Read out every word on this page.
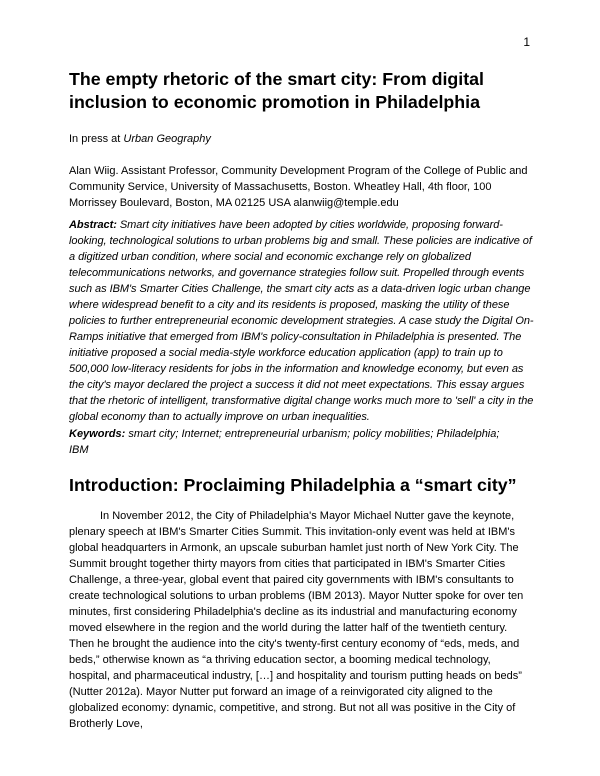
1
The empty rhetoric of the smart city: From digital inclusion to economic promotion in Philadelphia
In press at Urban Geography
Alan Wiig. Assistant Professor, Community Development Program of the College of Public and Community Service, University of Massachusetts, Boston. Wheatley Hall, 4th floor, 100 Morrissey Boulevard, Boston, MA 02125 USA alanwiig@temple.edu
Abstract: Smart city initiatives have been adopted by cities worldwide, proposing forward-looking, technological solutions to urban problems big and small. These policies are indicative of a digitized urban condition, where social and economic exchange rely on globalized telecommunications networks, and governance strategies follow suit. Propelled through events such as IBM's Smarter Cities Challenge, the smart city acts as a data-driven logic urban change where widespread benefit to a city and its residents is proposed, masking the utility of these policies to further entrepreneurial economic development strategies. A case study the Digital On-Ramps initiative that emerged from IBM's policy-consultation in Philadelphia is presented. The initiative proposed a social media-style workforce education application (app) to train up to 500,000 low-literacy residents for jobs in the information and knowledge economy, but even as the city's mayor declared the project a success it did not meet expectations. This essay argues that the rhetoric of intelligent, transformative digital change works much more to 'sell' a city in the global economy than to actually improve on urban inequalities.
Keywords: smart city; Internet; entrepreneurial urbanism; policy mobilities; Philadelphia; IBM
Introduction: Proclaiming Philadelphia a “smart city”

In November 2012, the City of Philadelphia's Mayor Michael Nutter gave the keynote, plenary speech at IBM's Smarter Cities Summit. This invitation-only event was held at IBM's global headquarters in Armonk, an upscale suburban hamlet just north of New York City. The Summit brought together thirty mayors from cities that participated in IBM's Smarter Cities Challenge, a three-year, global event that paired city governments with IBM's consultants to create technological solutions to urban problems (IBM 2013). Mayor Nutter spoke for over ten minutes, first considering Philadelphia's decline as its industrial and manufacturing economy moved elsewhere in the region and the world during the latter half of the twentieth century. Then he brought the audience into the city's twenty-first century economy of “eds, meds, and beds,” otherwise known as “a thriving education sector, a booming medical technology, hospital, and pharmaceutical industry, […] and hospitality and tourism putting heads on beds” (Nutter 2012a). Mayor Nutter put forward an image of a reinvigorated city aligned to the globalized economy: dynamic, competitive, and strong. But not all was positive in the City of Brotherly Love,
